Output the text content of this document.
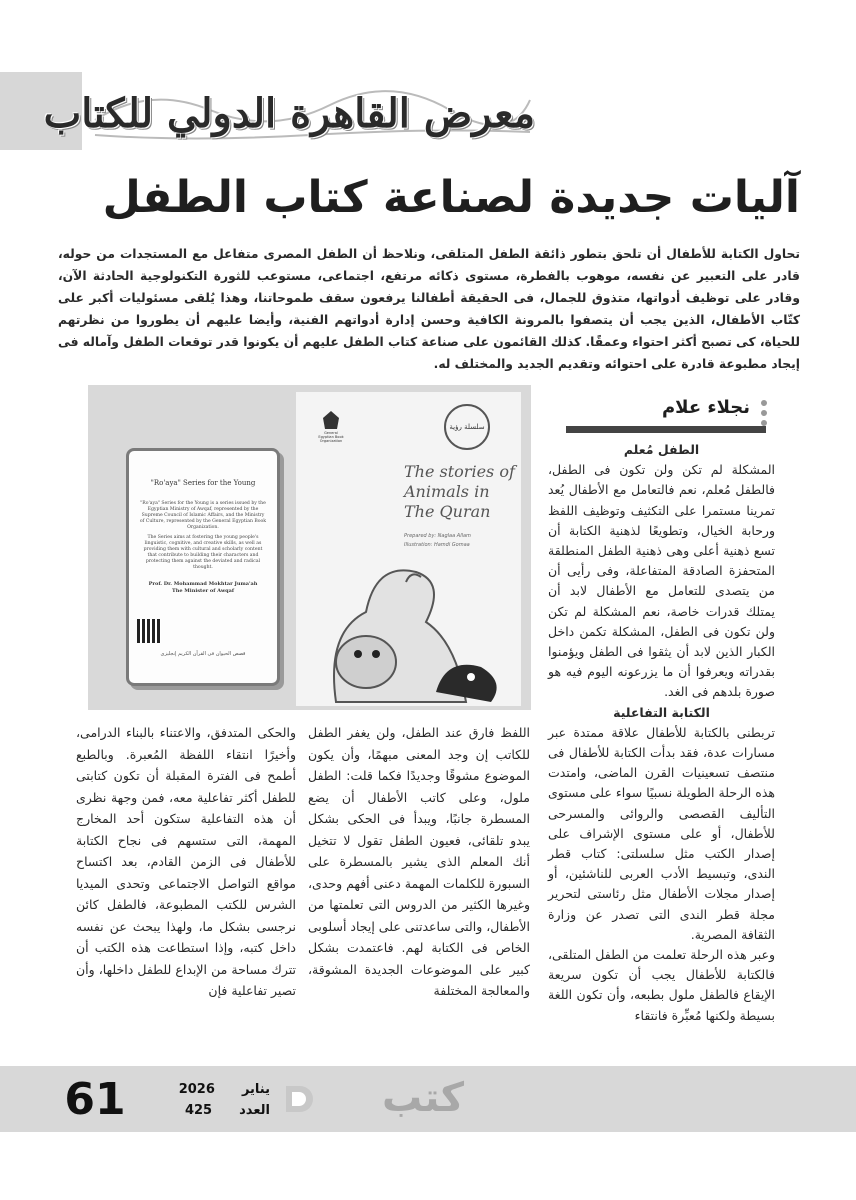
معرض القاهرة الدولي للكتاب
آليات جديدة لصناعة كتاب الطفل
تحاول الكتابة للأطفال أن تلحق بتطور ذائقة الطفل المتلقى، ونلاحظ أن الطفل المصرى متفاعل مع المستجدات من حوله، قادر على التعبير عن نفسه، موهوب بالفطرة، مستوى ذكائه مرتفع، اجتماعى، مستوعب للثورة التكنولوجية الحادثة الآن، وقادر على توظيف أدواتها، متذوق للجمال، فى الحقيقة أطفالنا يرفعون سقف طموحاتنا، وهذا يُلقى مسئوليات أكبر على كتّاب الأطفال، الذين يجب أن يتصفوا بالمرونة الكافية وحسن إدارة أدواتهم الفنية، وأيضا عليهم أن يطوروا من نظرتهم للحياة، كى تصبح أكثر احتواء وعمقًا. كذلك القائمون على صناعة كتاب الطفل عليهم أن يكونوا قدر توقعات الطفل وآماله فى إيجاد مطبوعة قادرة على احتوائه وتقديم الجديد والمختلف له.
نجلاء علام
الطفل مُعلم

المشكلة لم تكن ولن تكون فى الطفل، فالطفل مُعلم، نعم فالتعامل مع الأطفال يُعد تمرينا مستمرا على التكثيف وتوظيف اللفظ ورحابة الخيال، وتطويعًا لذهنية الكتابة أن تسع ذهنية أعلى وهى ذهنية الطفل المنطلقة المتحفزة الصادقة المتفاعلة، وفى رأيى أن من يتصدى للتعامل مع الأطفال لابد أن يمتلك قدرات خاصة، نعم المشكلة لم تكن ولن تكون فى الطفل، المشكلة تكمن داخل الكبار الذين لابد أن يثقوا فى الطفل ويؤمنوا بقدراته ويعرفوا أن ما يزرعونه اليوم فيه هو صورة بلدهم فى الغد.

الكتابة التفاعلية

تربطنى بالكتابة للأطفال علاقة ممتدة عبر مسارات عدة، فقد بدأت الكتابة للأطفال فى منتصف تسعينيات القرن الماضى، وامتدت هذه الرحلة الطويلة نسبيًا سواء على مستوى التأليف القصصى والروائى والمسرحى للأطفال، أو على مستوى الإشراف على إصدار الكتب مثل سلسلتى: كتاب قطر الندى، وتبسيط الأدب العربى للناشئين، أو إصدار مجلات الأطفال مثل رئاستى لتحرير مجلة قطر الندى التى تصدر عن وزارة الثقافة المصرية.

وعبر هذه الرحلة تعلمت من الطفل المتلقى، فالكتابة للأطفال يجب أن تكون سريعة الإيقاع فالطفل ملول بطبعه، وأن تكون اللغة بسيطة ولكنها مُعبِّرة فانتقاء

"Ro'aya" Series for the Young
"Ro'aya" Series for the Young is a series issued by the Egyptian Ministry of Awqaf, represented by the Supreme Council of Islamic Affairs, and the Ministry of Culture, represented by the General Egyptian Book Organization.
The Series aims at fostering the young people's linguistic, cognitive, and creative skills, as well as providing them with cultural and scholarly content that contribute to building their characters and protecting them against the deviated and radical thought.
Prof. Dr. Mohammad Mokhtar Juma'ah
The Minister of Awqaf
قصص الحيوان فى القرآن الكريم إنجليزى
General Egyptian Book Organization
سلسلة رؤية
The stories of Animals in The Quran
Prepared by: Naglaa Allam
Illustration: Hamdi Gomaa
اللفظ فارق عند الطفل، ولن يغفر الطفل للكاتب إن وجد المعنى مبهمًا، وأن يكون الموضوع مشوقًا وجديدًا فكما قلت: الطفل ملول، وعلى كاتب الأطفال أن يضع المسطرة جانبًا، ويبدأ فى الحكى بشكل يبدو تلقائى، فعيون الطفل تقول لا تتخيل أنك المعلم الذى يشير بالمسطرة على السبورة للكلمات المهمة دعنى أفهم وحدى، وغيرها الكثير من الدروس التى تعلمتها من الأطفال، والتى ساعدتنى على إيجاد أسلوبى الخاص فى الكتابة لهم. فاعتمدت بشكل كبير على الموضوعات الجديدة المشوقة، والمعالجة المختلفة
والحكى المتدفق، والاعتناء بالبناء الدرامى، وأخيرًا انتقاء اللفظة المُعبرة. وبالطبع أطمح فى الفترة المقبلة أن تكون كتابتى للطفل أكثر تفاعلية معه، فمن وجهة نظرى أن هذه التفاعلية ستكون أحد المخارج المهمة، التى ستسهم فى نجاح الكتابة للأطفال فى الزمن القادم، بعد اكتساح مواقع التواصل الاجتماعى وتحدى الميديا الشرس للكتب المطبوعة، فالطفل كائن نرجسى بشكل ما، ولهذا يبحث عن نفسه داخل كتبه، وإذا استطاعت هذه الكتب أن تترك مساحة من الإبداع للطفل داخلها، وأن تصير تفاعلية فإن
61	يناير  2026
العدد  425	كتب
